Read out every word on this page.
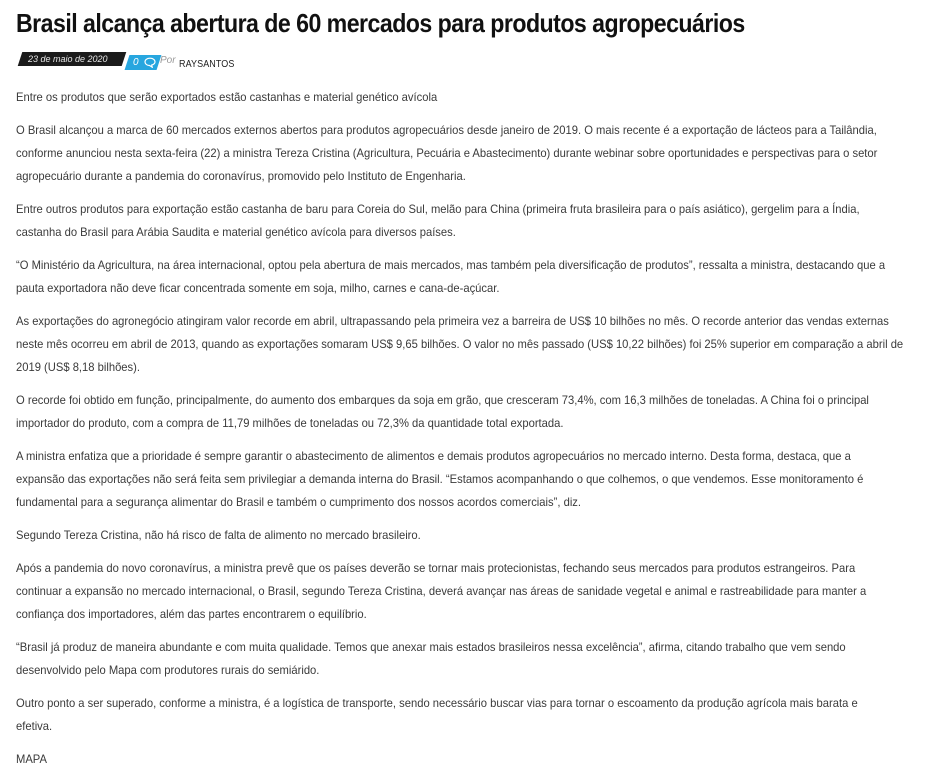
Brasil alcança abertura de 60 mercados para produtos agropecuários
23 de maio de 2020	0 Por RAYSANTOS

Entre os produtos que serão exportados estão castanhas e material genético avícola

O Brasil alcançou a marca de 60 mercados externos abertos para produtos agropecuários desde janeiro de 2019. O mais recente é a exportação de lácteos para a Tailândia,
conforme anunciou nesta sexta-feira (22) a ministra Tereza Cristina (Agricultura, Pecuária e Abastecimento) durante webinar sobre oportunidades e perspectivas para o setor
agropecuário durante a pandemia do coronavírus, promovido pelo Instituto de Engenharia.

Entre outros produtos para exportação estão castanha de baru para Coreia do Sul, melão para China (primeira fruta brasileira para o país asiático), gergelim para a Índia,
castanha do Brasil para Arábia Saudita e material genético avícola para diversos países.

“O Ministério da Agricultura, na área internacional, optou pela abertura de mais mercados, mas também pela diversificação de produtos”, ressalta a ministra, destacando que a
pauta exportadora não deve ficar concentrada somente em soja, milho, carnes e cana-de-açúcar.

As exportações do agronegócio atingiram valor recorde em abril, ultrapassando pela primeira vez a barreira de US$ 10 bilhões no mês. O recorde anterior das vendas externas
neste mês ocorreu em abril de 2013, quando as exportações somaram US$ 9,65 bilhões. O valor no mês passado (US$ 10,22 bilhões) foi 25% superior em comparação a abril de
2019 (US$ 8,18 bilhões).

O recorde foi obtido em função, principalmente, do aumento dos embarques da soja em grão, que cresceram 73,4%, com 16,3 milhões de toneladas. A China foi o principal
importador do produto, com a compra de 11,79 milhões de toneladas ou 72,3% da quantidade total exportada.

A ministra enfatiza que a prioridade é sempre garantir o abastecimento de alimentos e demais produtos agropecuários no mercado interno. Desta forma, destaca, que a
expansão das exportações não será feita sem privilegiar a demanda interna do Brasil. “Estamos acompanhando o que colhemos, o que vendemos. Esse monitoramento é
fundamental para a segurança alimentar do Brasil e também o cumprimento dos nossos acordos comerciais”, diz.

Segundo Tereza Cristina, não há risco de falta de alimento no mercado brasileiro.

Após a pandemia do novo coronavírus, a ministra prevê que os países deverão se tornar mais protecionistas, fechando seus mercados para produtos estrangeiros. Para
continuar a expansão no mercado internacional, o Brasil, segundo Tereza Cristina, deverá avançar nas áreas de sanidade vegetal e animal e rastreabilidade para manter a
confiança dos importadores, além das partes encontrarem o equilíbrio.

“Brasil já produz de maneira abundante e com muita qualidade. Temos que anexar mais estados brasileiros nessa excelência”, afirma, citando trabalho que vem sendo
desenvolvido pelo Mapa com produtores rurais do semiárido.

Outro ponto a ser superado, conforme a ministra, é a logística de transporte, sendo necessário buscar vias para tornar o escoamento da produção agrícola mais barata e
efetiva.

MAPA
